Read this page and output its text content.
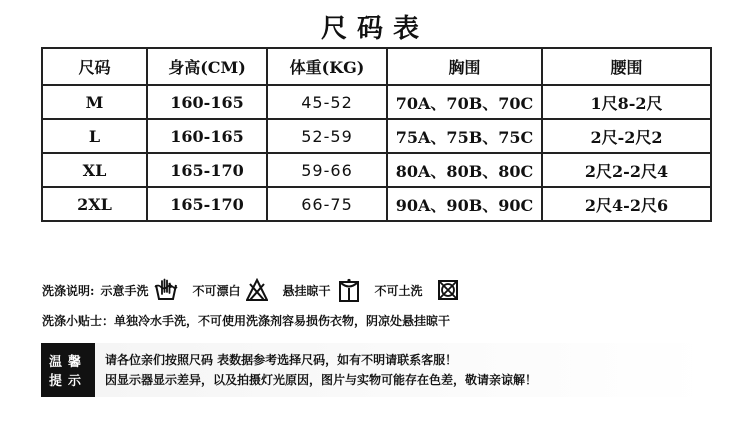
尺码表
尺码	身高(CM)	体重(KG)	胸围	腰围
M	160-165	45-52	70A、70B、70C	1尺8-2尺
L	160-165	52-59	75A、75B、75C	2尺-2尺2
XL	165-170	59-66	80A、80B、80C	2尺2-2尺4
2XL	165-170	66-75	90A、90B、90C	2尺4-2尺6
洗涤说明: 示意手洗	不可漂白	悬挂晾干	不可土洗
洗涤小贴士：单独冷水手洗，不可使用洗涤剂容易损伤衣物，阴凉处悬挂晾干
温馨
提示
请各位亲们按照尺码 表数据参考选择尺码，如有不明请联系客服！
因显示器显示差异，以及拍摄灯光原因，图片与实物可能存在色差，敬请亲谅解！
